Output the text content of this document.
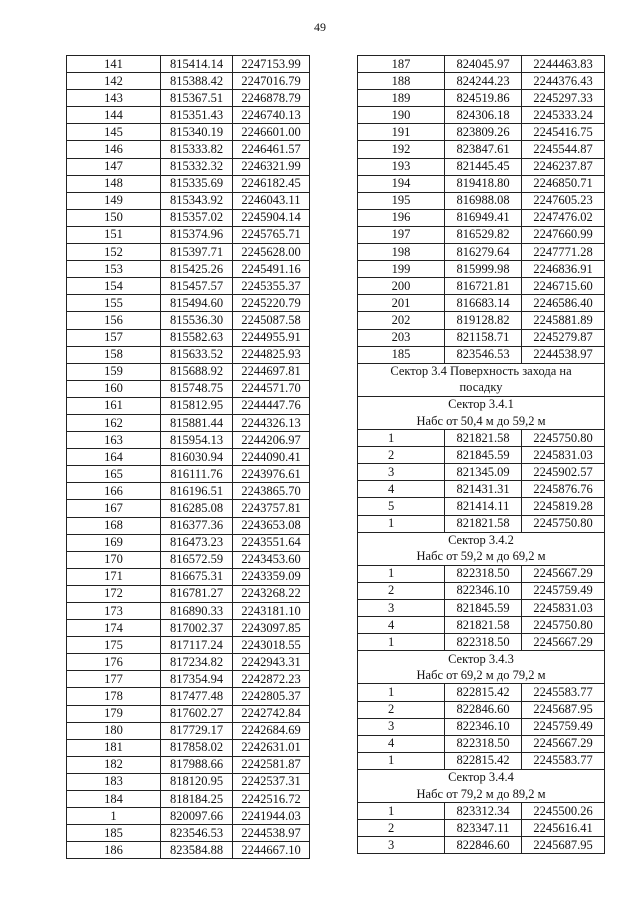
49
141	815414.14	2247153.99
142	815388.42	2247016.79
143	815367.51	2246878.79
144	815351.43	2246740.13
145	815340.19	2246601.00
146	815333.82	2246461.57
147	815332.32	2246321.99
148	815335.69	2246182.45
149	815343.92	2246043.11
150	815357.02	2245904.14
151	815374.96	2245765.71
152	815397.71	2245628.00
153	815425.26	2245491.16
154	815457.57	2245355.37
155	815494.60	2245220.79
156	815536.30	2245087.58
157	815582.63	2244955.91
158	815633.52	2244825.93
159	815688.92	2244697.81
160	815748.75	2244571.70
161	815812.95	2244447.76
162	815881.44	2244326.13
163	815954.13	2244206.97
164	816030.94	2244090.41
165	816111.76	2243976.61
166	816196.51	2243865.70
167	816285.08	2243757.81
168	816377.36	2243653.08
169	816473.23	2243551.64
170	816572.59	2243453.60
171	816675.31	2243359.09
172	816781.27	2243268.22
173	816890.33	2243181.10
174	817002.37	2243097.85
175	817117.24	2243018.55
176	817234.82	2242943.31
177	817354.94	2242872.23
178	817477.48	2242805.37
179	817602.27	2242742.84
180	817729.17	2242684.69
181	817858.02	2242631.01
182	817988.66	2242581.87
183	818120.95	2242537.31
184	818184.25	2242516.72
1	820097.66	2241944.03
185	823546.53	2244538.97
186	823584.88	2244667.10
187	824045.97	2244463.83
188	824244.23	2244376.43
189	824519.86	2245297.33
190	824306.18	2245333.24
191	823809.26	2245416.75
192	823847.61	2245544.87
193	821445.45	2246237.87
194	819418.80	2246850.71
195	816988.08	2247605.23
196	816949.41	2247476.02
197	816529.82	2247660.99
198	816279.64	2247771.28
199	815999.98	2246836.91
200	816721.81	2246715.60
201	816683.14	2246586.40
202	819128.82	2245881.89
203	821158.71	2245279.87
185	823546.53	2244538.97
Сектор 3.4 Поверхность захода на		
посадку		
Сектор 3.4.1		
Набс от 50,4 м до 59,2 м		
1	821821.58	2245750.80
2	821845.59	2245831.03
3	821345.09	2245902.57
4	821431.31	2245876.76
5	821414.11	2245819.28
1	821821.58	2245750.80
Сектор 3.4.2		
Набс от 59,2 м до 69,2 м		
1	822318.50	2245667.29
2	822346.10	2245759.49
3	821845.59	2245831.03
4	821821.58	2245750.80
1	822318.50	2245667.29
Сектор 3.4.3		
Набс от 69,2 м до 79,2 м		
1	822815.42	2245583.77
2	822846.60	2245687.95
3	822346.10	2245759.49
4	822318.50	2245667.29
1	822815.42	2245583.77
Сектор 3.4.4		
Набс от 79,2 м до 89,2 м		
1	823312.34	2245500.26
2	823347.11	2245616.41
3	822846.60	2245687.95
